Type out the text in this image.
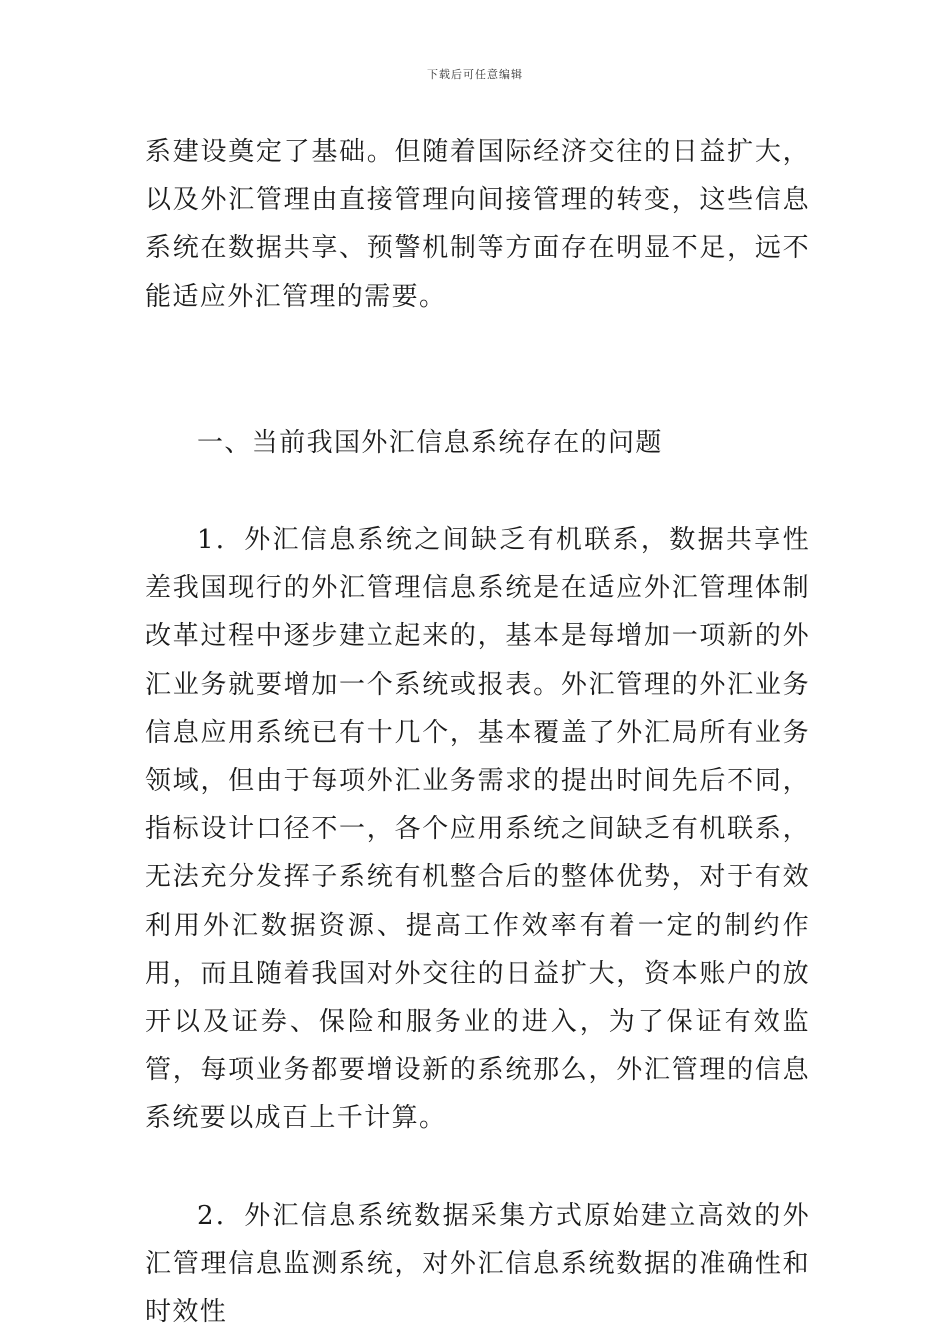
下载后可任意编辑

系建设奠定了基础。但随着国际经济交往的日益扩大，以及外汇管理由直接管理向间接管理的转变，这些信息系统在数据共享、预警机制等方面存在明显不足，远不能适应外汇管理的需要。

一、当前我国外汇信息系统存在的问题

1．外汇信息系统之间缺乏有机联系，数据共享性差我国现行的外汇管理信息系统是在适应外汇管理体制改革过程中逐步建立起来的，基本是每增加一项新的外汇业务就要增加一个系统或报表。外汇管理的外汇业务信息应用系统已有十几个，基本覆盖了外汇局所有业务领域，但由于每项外汇业务需求的提出时间先后不同，指标设计口径不一，各个应用系统之间缺乏有机联系，无法充分发挥子系统有机整合后的整体优势，对于有效利用外汇数据资源、提高工作效率有着一定的制约作用，而且随着我国对外交往的日益扩大，资本账户的放开以及证券、保险和服务业的进入，为了保证有效监管，每项业务都要增设新的系统那么，外汇管理的信息系统要以成百上千计算。

2．外汇信息系统数据采集方式原始建立高效的外汇管理信息监测系统，对外汇信息系统数据的准确性和时效性
